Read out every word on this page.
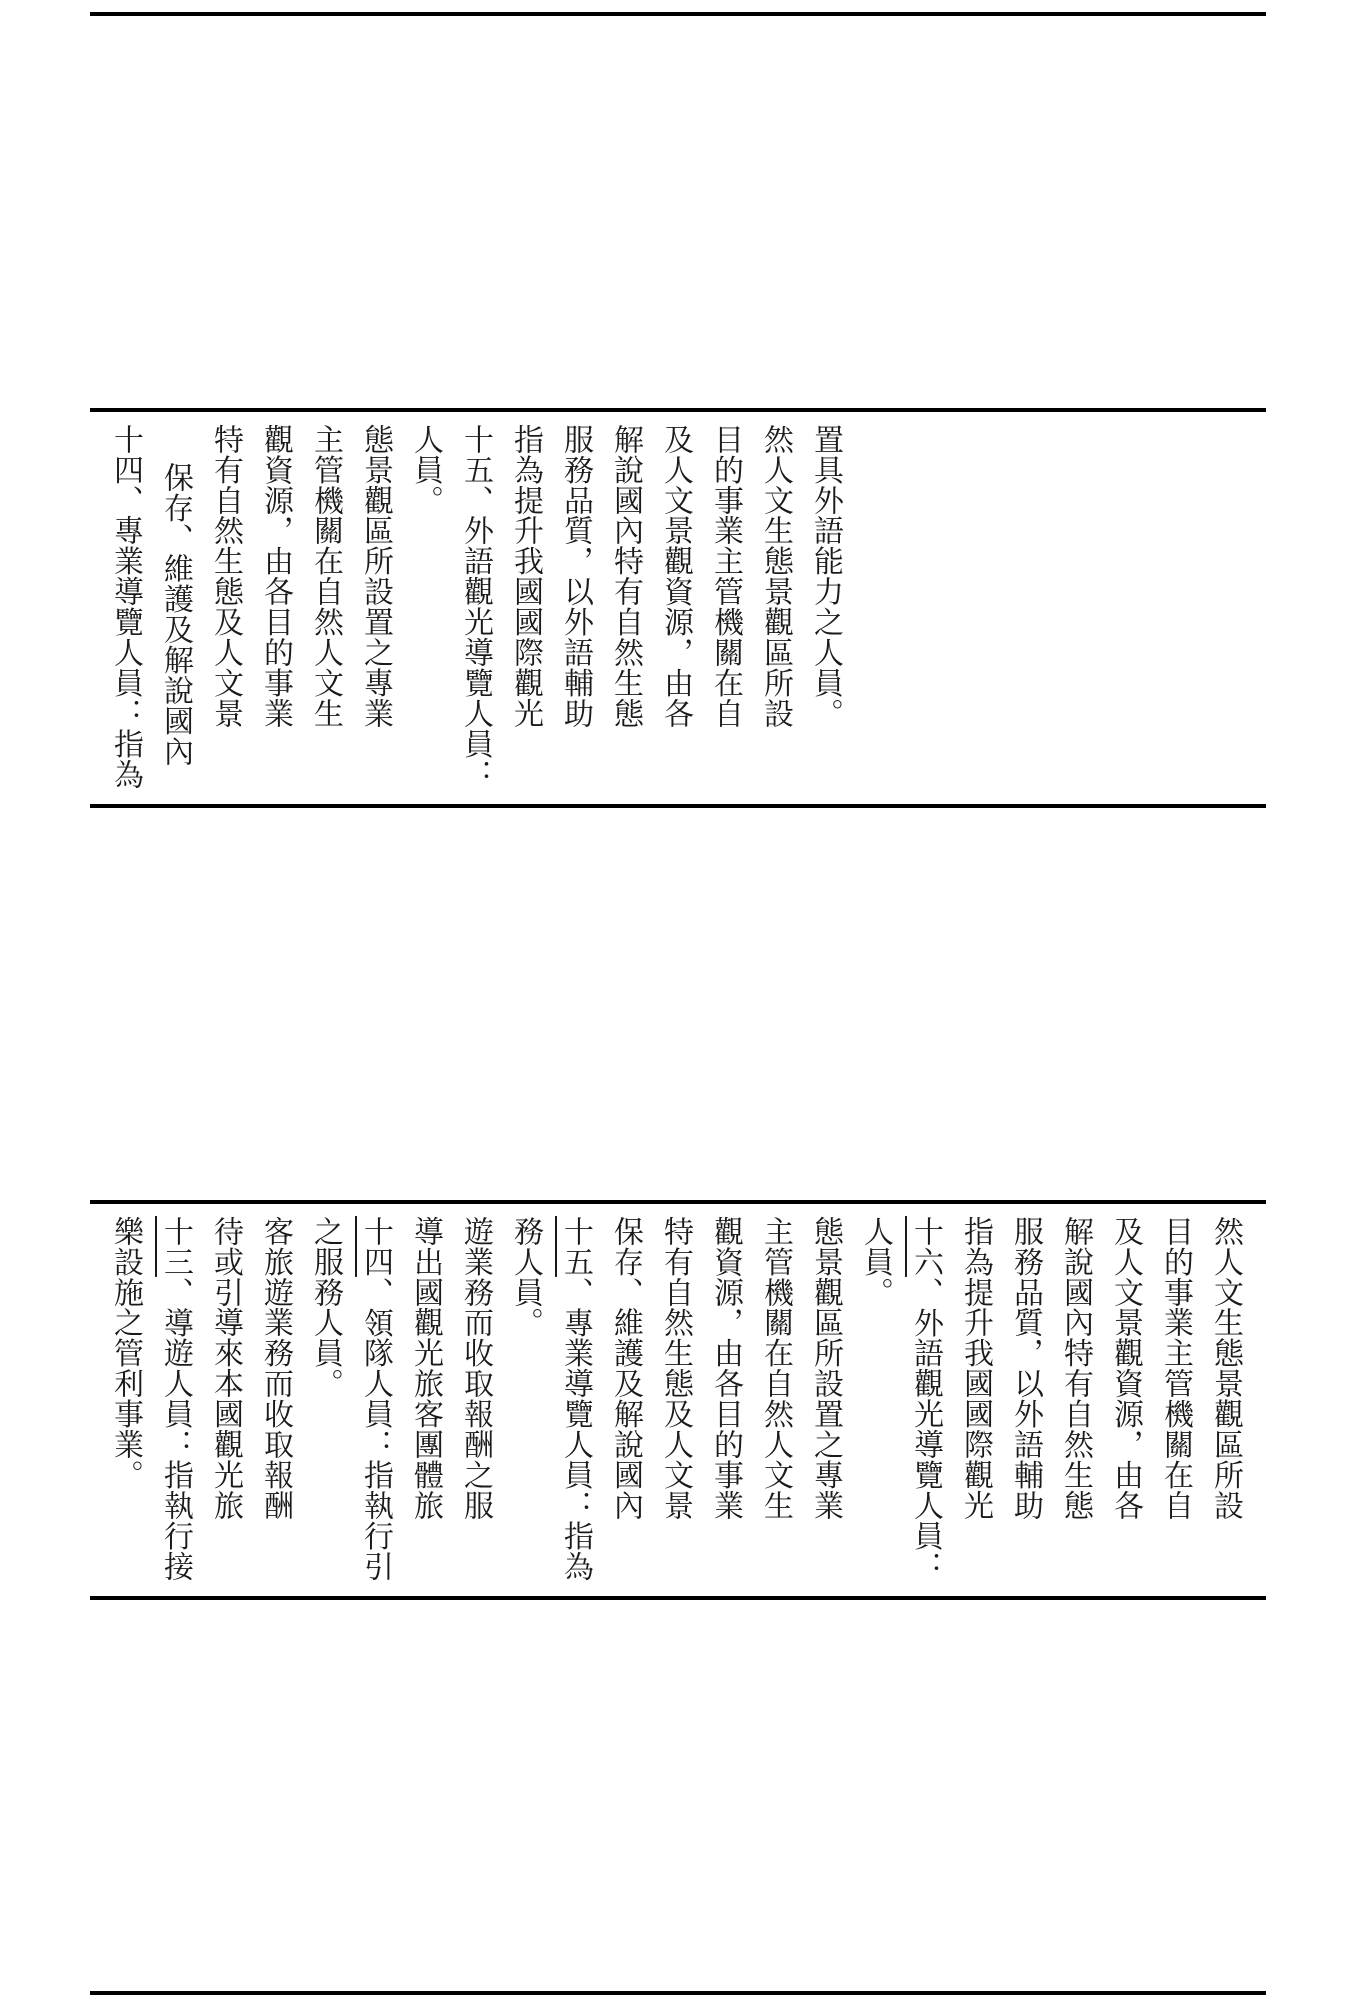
十四、專業導覽人員：指為 保存、維護及解說國內 特有自然生態及人文景 觀資源，由各目的事業 主管機關在自然人文生 態景觀區所設置之專業 人員。 十五、外語觀光導覽人員： 指為提升我國國際觀光 服務品質，以外語輔助 解說國內特有自然生態 及人文景觀資源，由各 目的事業主管機關在自 然人文生態景觀區所設 置具外語能力之人員。
樂設施之管利事業。 十三、導遊人員：指執行接 待或引導來本國觀光旅 客旅遊業務而收取報酬 之服務人員。 十四、領隊人員：指執行引 導出國觀光旅客團體旅 遊業務而收取報酬之服 務人員。 十五、專業導覽人員：指為 保存、維護及解說國內 特有自然生態及人文景 觀資源，由各目的事業 主管機關在自然人文生 態景觀區所設置之專業 人員。 十六、外語觀光導覽人員： 指為提升我國國際觀光 服務品質，以外語輔助 解說國內特有自然生態 及人文景觀資源，由各 目的事業主管機關在自 然人文生態景觀區所設
